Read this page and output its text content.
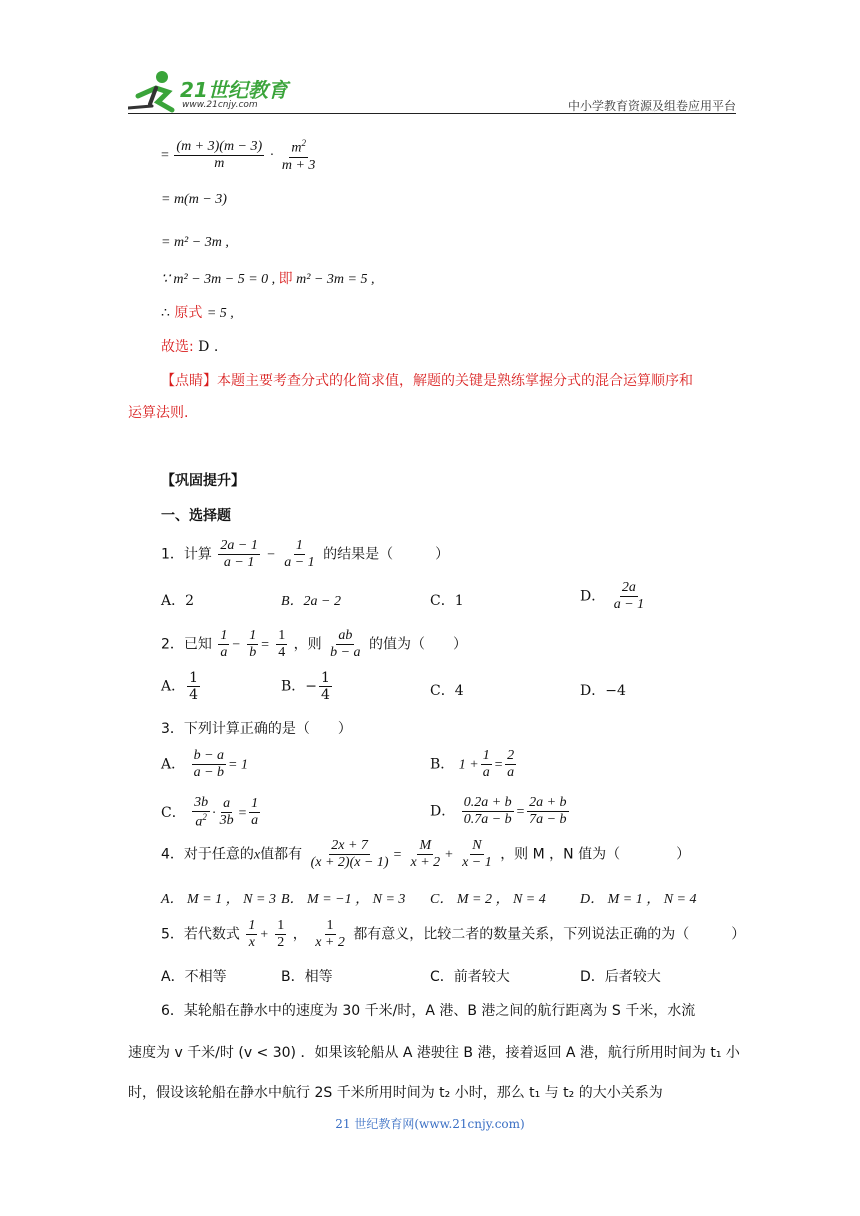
21世纪教育
www.21cnjy.com	中小学教育资源及组卷应用平台
= $\frac{(m + 3)(m - 3)}{m} \cdot \frac{m^2}{m + 3}$
= m(m − 3)
= m² − 3m ,
∵ m² − 3m − 5 = 0 , 即 m² − 3m = 5 ,
∴ 原式 = 5 ,
故选: D .
【点睛】本题主要考查分式的化简求值，解题的关键是熟练掌握分式的混合运算顺序和
运算法则.
【巩固提升】
一、选择题
1．计算 $\frac{2a - 1}{a - 1} - \frac{1}{a - 1}$ 的结果是（　　　）
A．2	B．2a − 2	C．1	D． $\frac{2a}{a - 1}$
2．已知 $\frac{1}{a} - \frac{1}{b} = \frac{1}{4}$ ，则 $\frac{ab}{b - a}$ 的值为（　　）
A． $\frac{1}{4}$	B．− $\frac{1}{4}$	C．4	D．−4
3．下列计算正确的是（　　）
A． $\frac{b - a}{a - b} = 1$	B． $1 + \frac{1}{a} = \frac{2}{a}$
C． $\frac{3b}{a^2} \cdot \frac{a}{3b} = \frac{1}{a}$	D． $\frac{0.2a + b}{0.7a - b} = \frac{2a + b}{7a - b}$
4．对于任意的x值都有 $\frac{2x + 7}{(x + 2)(x - 1)} = \frac{M}{x + 2} + \frac{N}{x - 1}$ ，则 M ，N 值为（　　　　）
A． M = 1 ， N = 3 B． M = −1 ， N = 3 C． M = 2 ， N = 4 D． M = 1 ， N = 4
5．若代数式 $\frac{1}{x} + \frac{1}{2}$ ， $\frac{1}{x + 2}$ 都有意义，比较二者的数量关系，下列说法正确的为（　　　）
A．不相等	B．相等	C．前者较大	D．后者较大
6．某轮船在静水中的速度为 30 千米/时，A 港、B 港之间的航行距离为 S 千米，水流
速度为 v 千米/时 (v < 30) ．如果该轮船从 A 港驶往 B 港，接着返回 A 港，航行所用时间为 t₁ 小
时，假设该轮船在静水中航行 2S 千米所用时间为 t₂ 小时，那么 t₁ 与 t₂ 的大小关系为
21 世纪教育网(www.21cnjy.com)
